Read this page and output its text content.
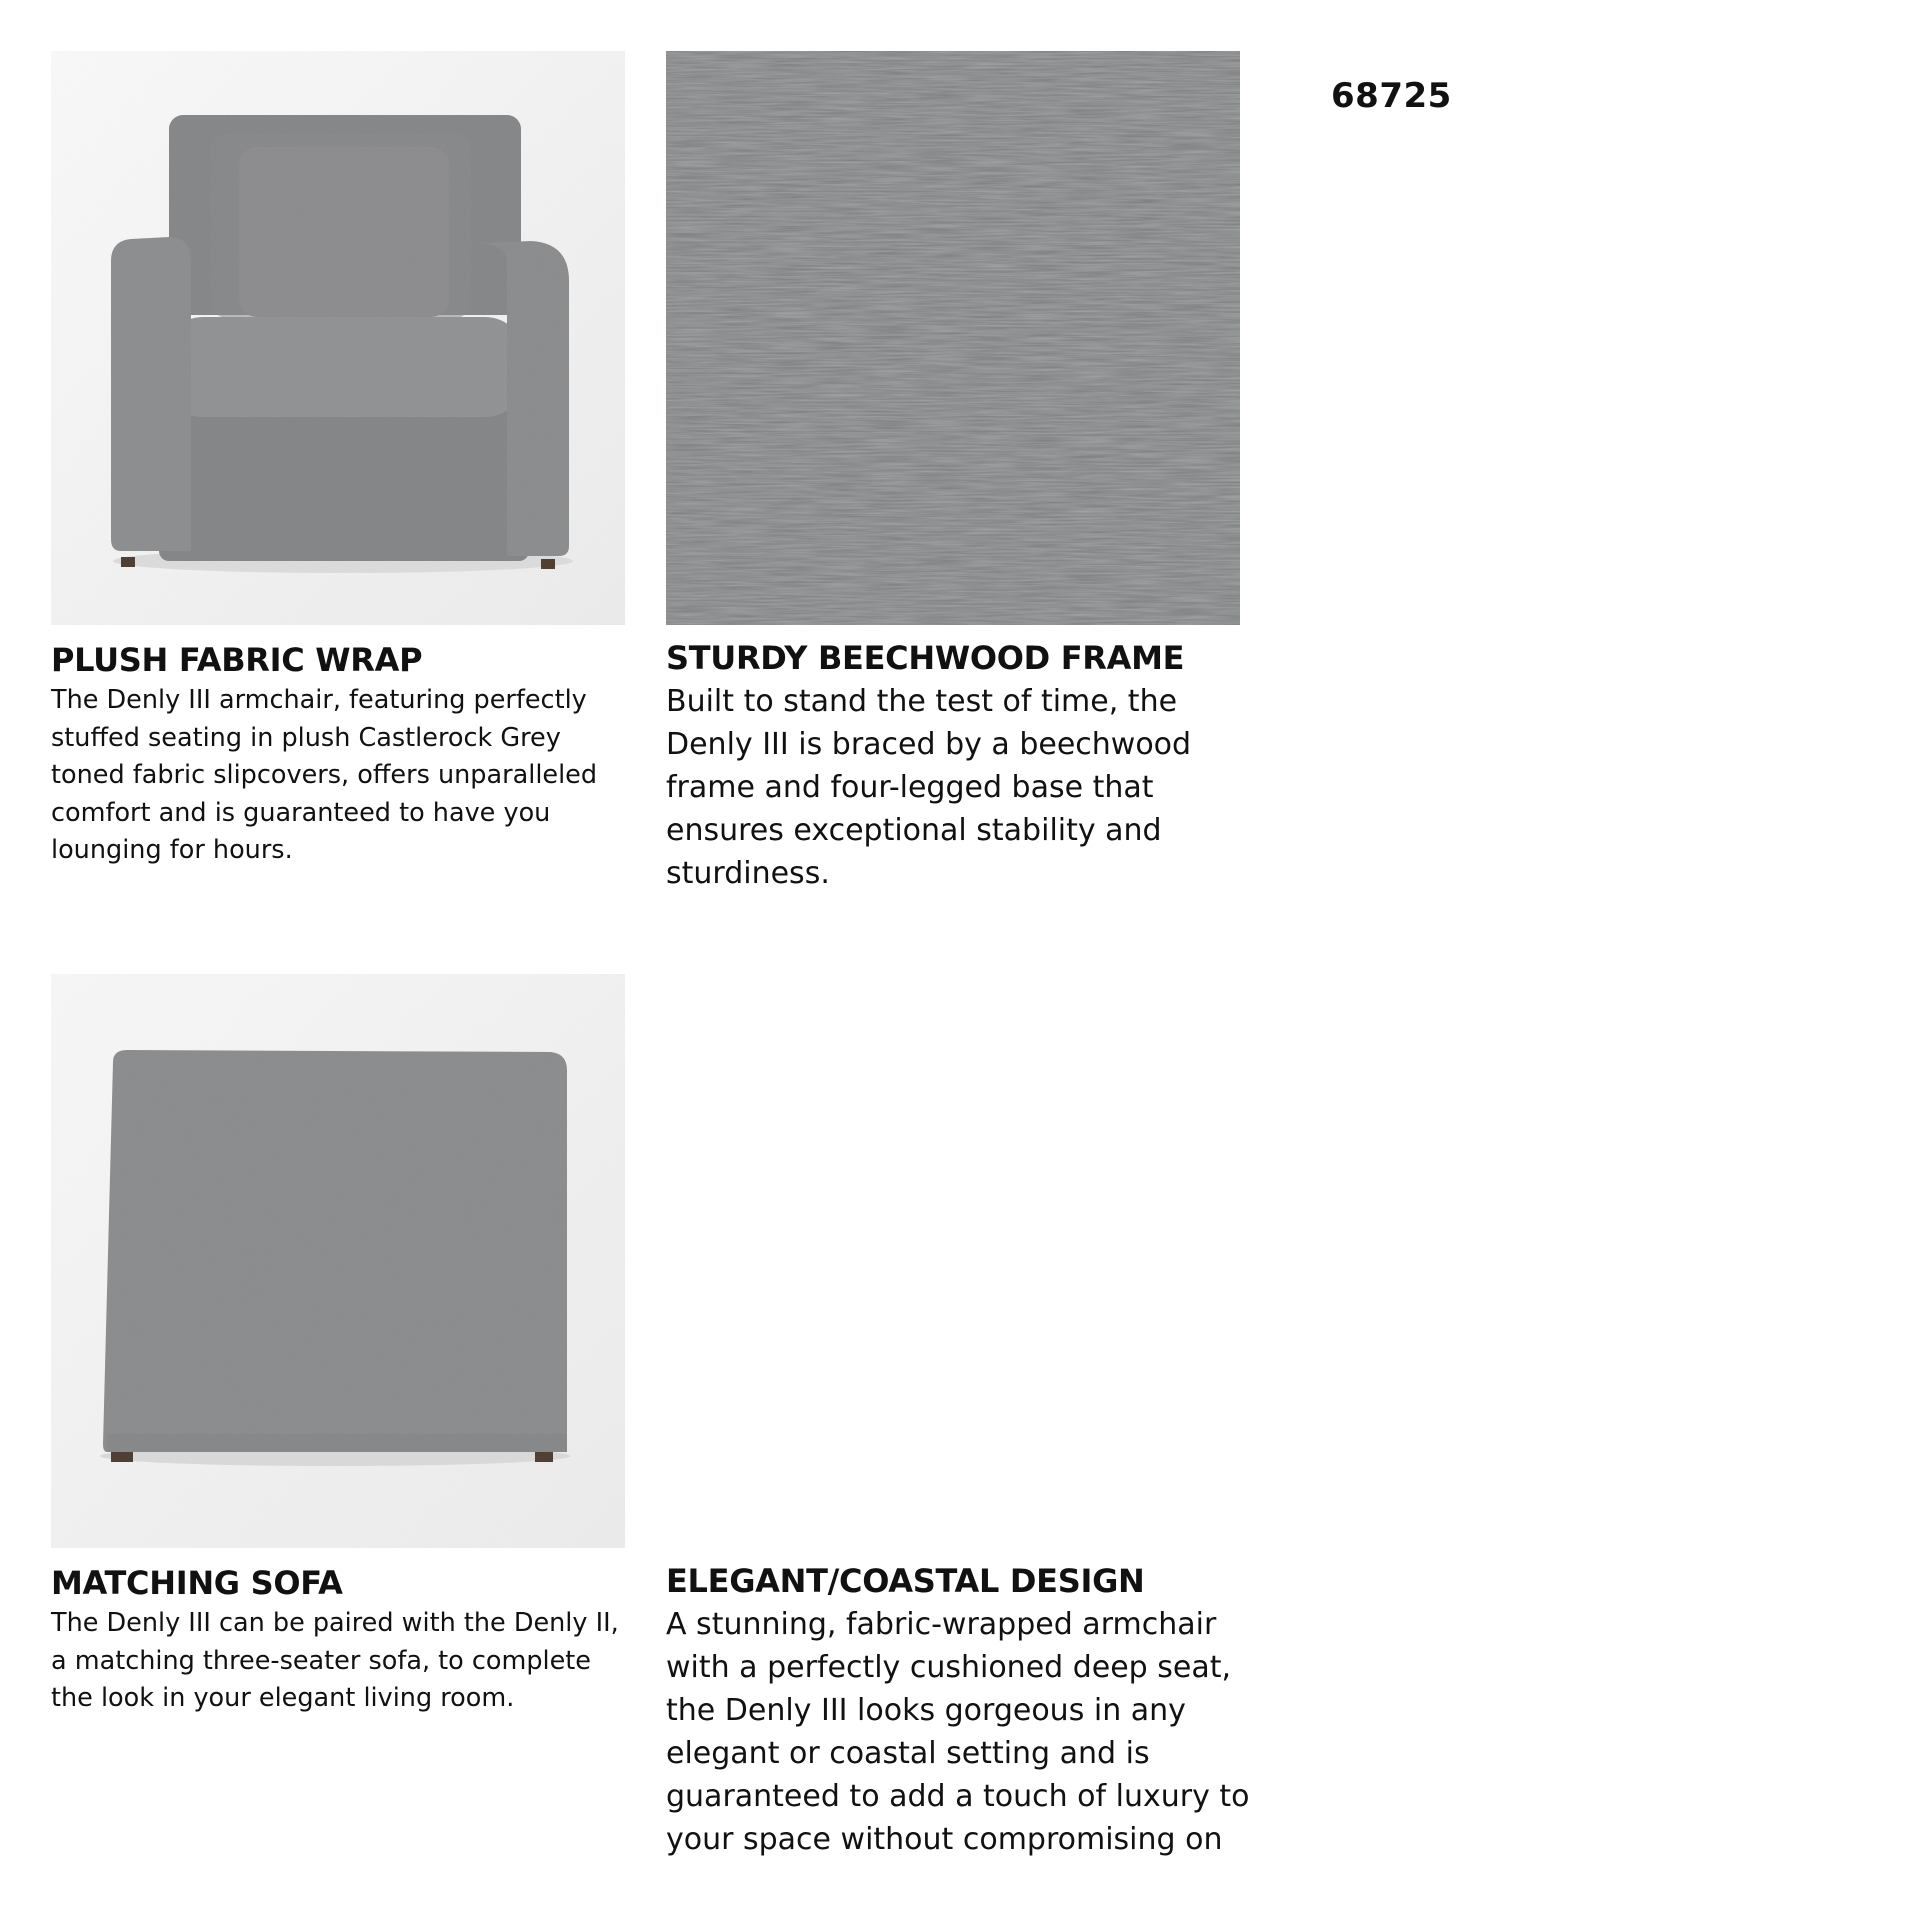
68725
PLUSH FABRIC WRAP
The Denly III armchair, featuring perfectly stuffed seating in plush Castlerock Grey toned fabric slipcovers, offers unparalleled comfort and is guaranteed to have you lounging for hours.
STURDY BEECHWOOD FRAME
Built to stand the test of time, the Denly III is braced by a beechwood frame and four-legged base that ensures exceptional stability and sturdiness.
MATCHING SOFA
The Denly III can be paired with the Denly II, a matching three-seater sofa, to complete the look in your elegant living room.
ELEGANT/COASTAL DESIGN
A stunning, fabric-wrapped armchair with a perfectly cushioned deep seat, the Denly III looks gorgeous in any elegant or coastal setting and is guaranteed to add a touch of luxury to your space without compromising on
